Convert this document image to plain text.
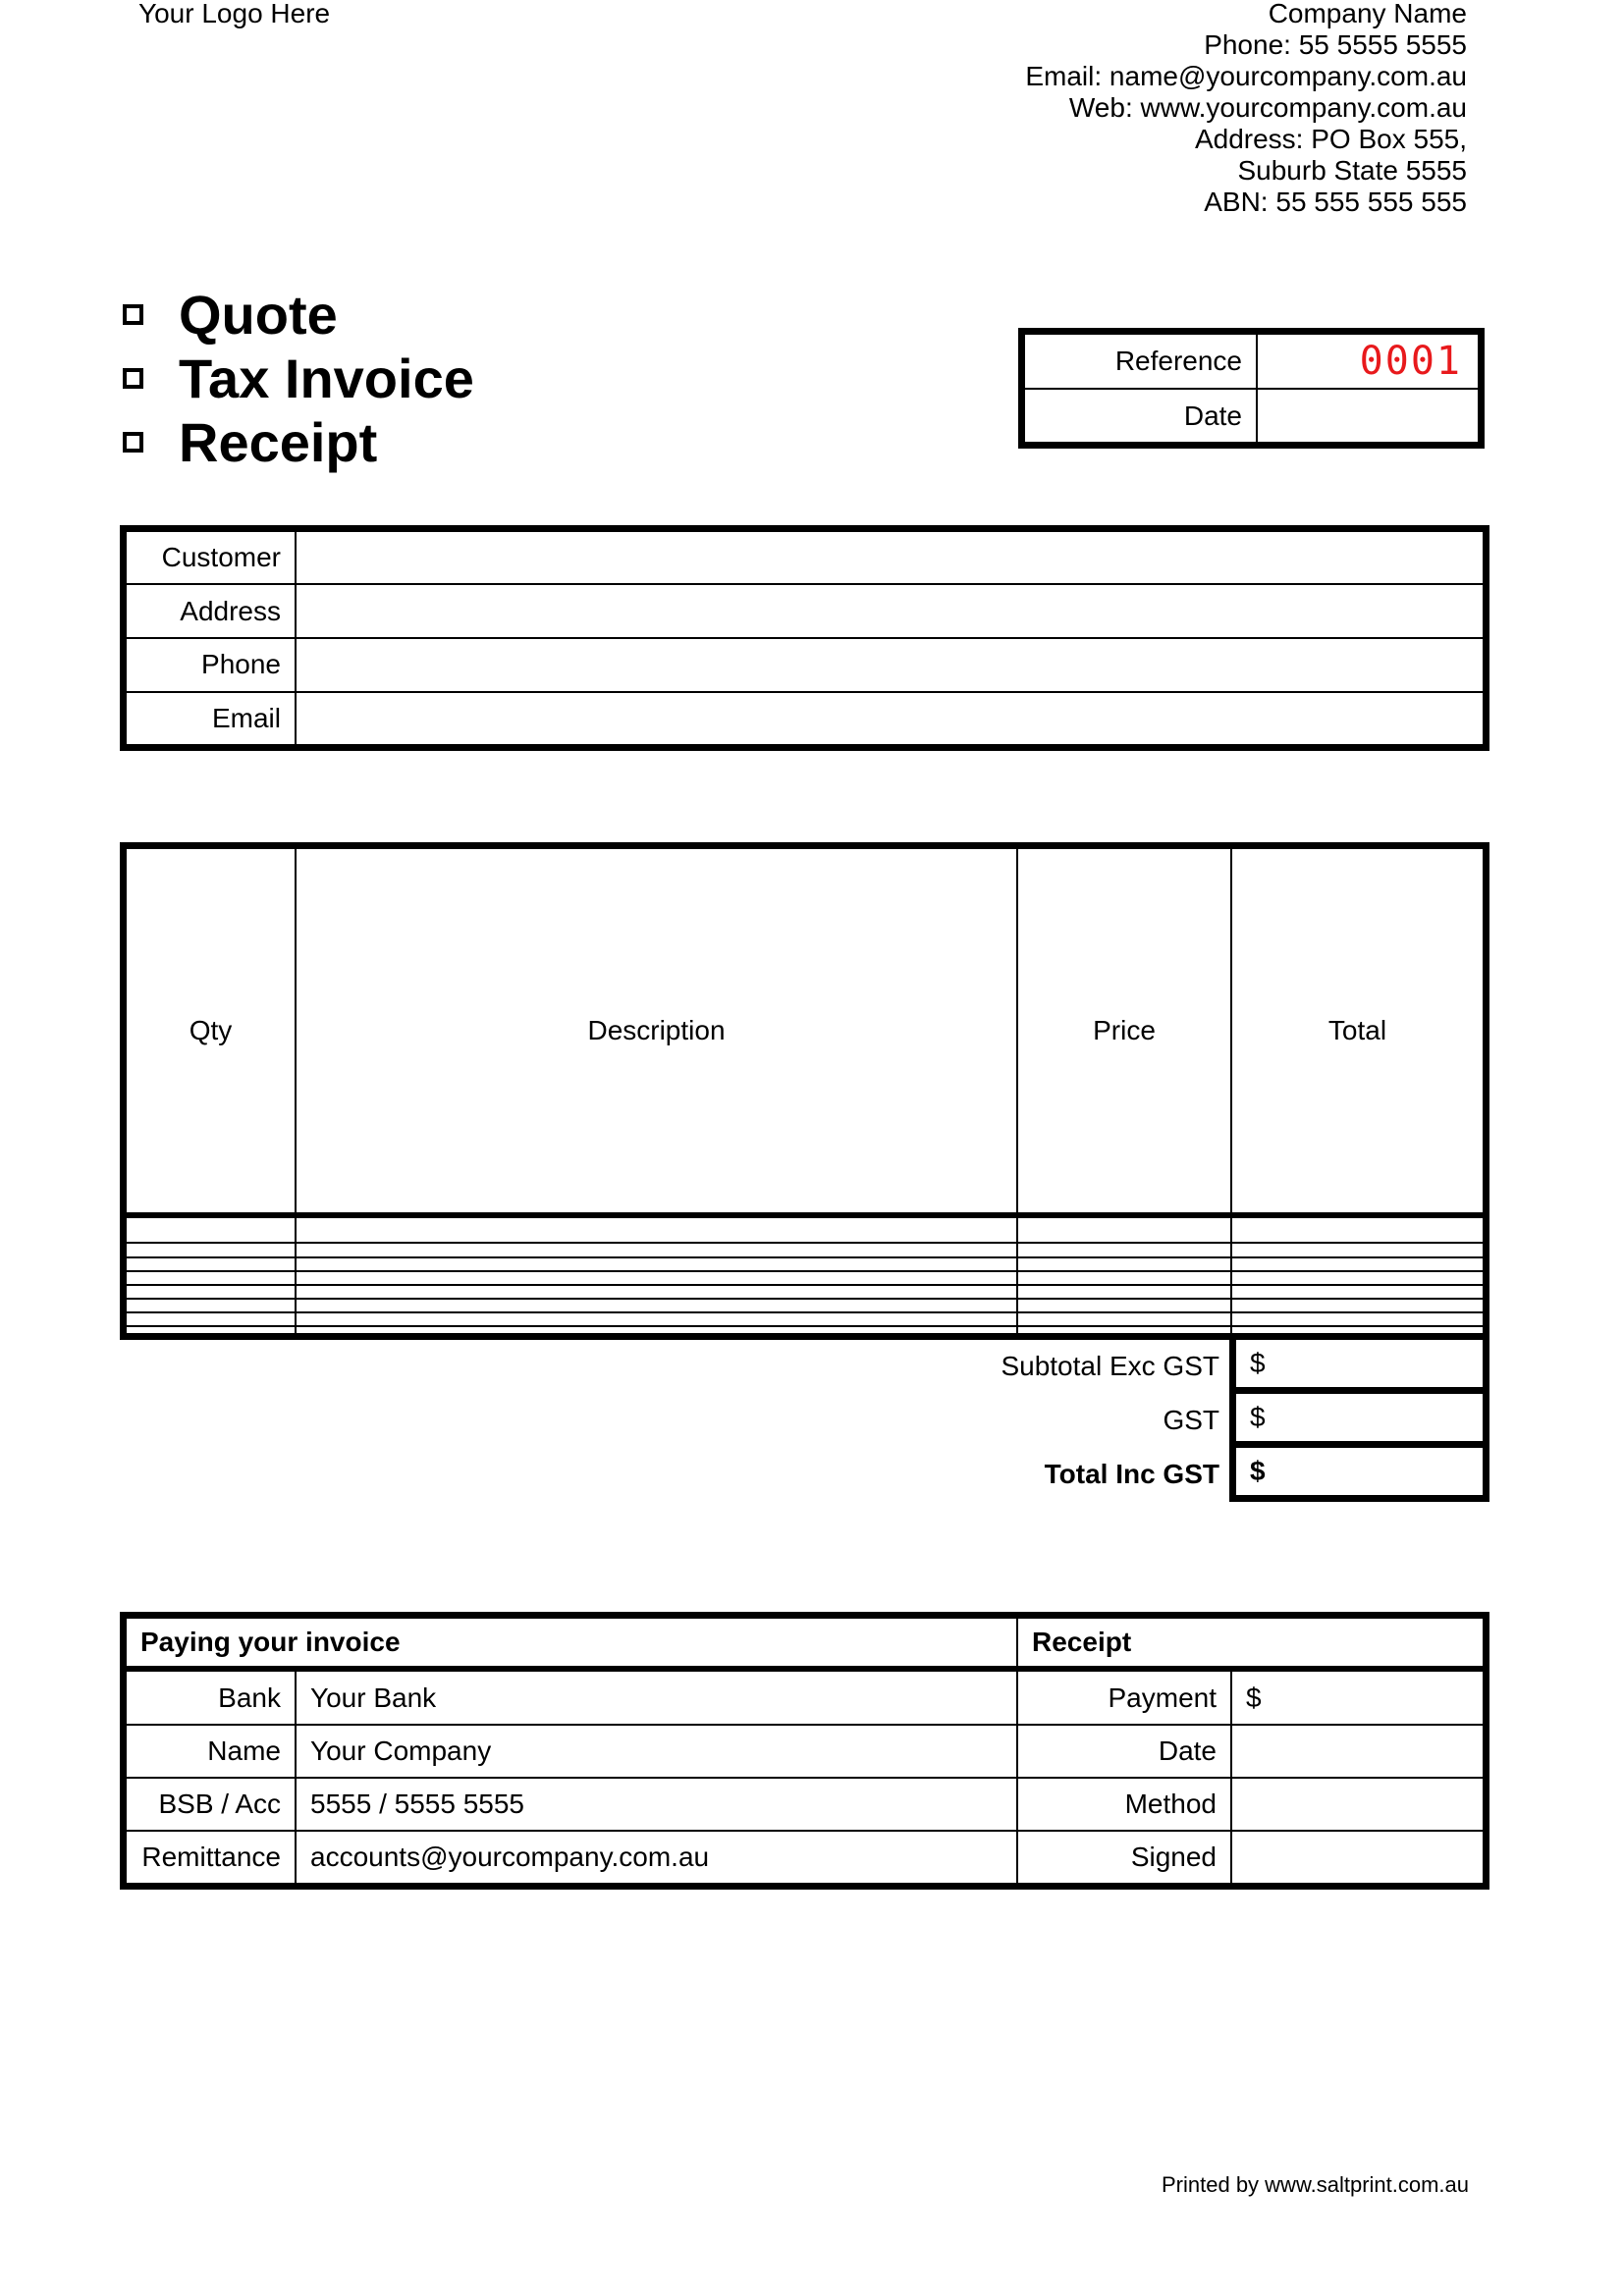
Your Logo Here	Company Name
Phone: 55 5555 5555
Email: name@yourcompany.com.au
Web: www.yourcompany.com.au
Address: PO Box 555,
Suburb State 5555
ABN: 55 555 555 555
Quote
Tax Invoice
Receipt
Reference	0001
Date	
Customer	
Address	
Phone	
Email	
Qty	Description	Price	Total

Subtotal Exc GST	$
GST	$
Total Inc GST	$
Paying your invoice		Receipt	
Bank	Your Bank	Payment	$
Name	Your Company	Date	
BSB / Acc	5555 / 5555 5555	Method	
Remittance	accounts@yourcompany.com.au	Signed	
Printed by www.saltprint.com.au
